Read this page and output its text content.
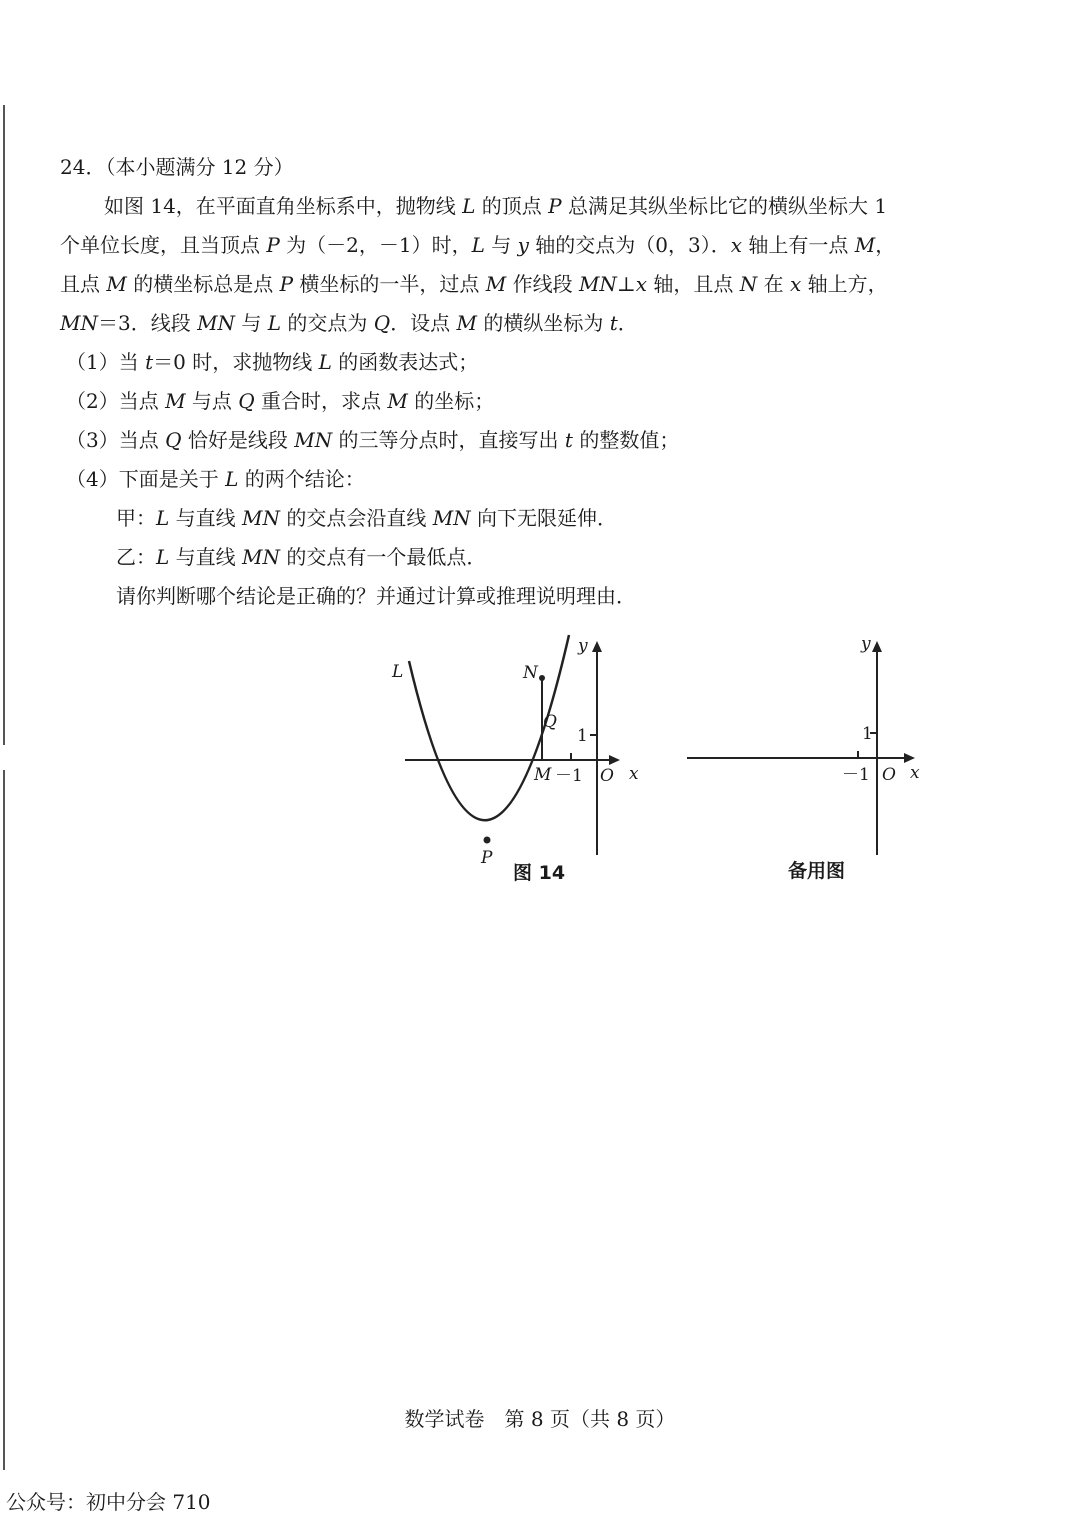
24．（本小题满分 12 分）
如图 14，在平面直角坐标系中，抛物线 L 的顶点 P 总满足其纵坐标比它的横纵坐标大 1
个单位长度，且当顶点 P 为（－2，－1）时，L 与 y 轴的交点为（0，3）．x 轴上有一点 M，
且点 M 的横坐标总是点 P 横坐标的一半，过点 M 作线段 MN⊥x 轴，且点 N 在 x 轴上方，
MN＝3．线段 MN 与 L 的交点为 Q．设点 M 的横纵坐标为 t．
（1）当 t＝0 时，求抛物线 L 的函数表达式；
（2）当点 M 与点 Q 重合时，求点 M 的坐标；
（3）当点 Q 恰好是线段 MN 的三等分点时，直接写出 t 的整数值；
（4）下面是关于 L 的两个结论：
甲：L 与直线 MN 的交点会沿直线 MN 向下无限延伸．
乙：L 与直线 MN 的交点有一个最低点．
请你判断哪个结论是正确的？并通过计算或推理说明理由．
L	N
Q
P
M －1 O x
y
1
图 14
－1 O x
y
1
备用图
数学试卷　第 8 页（共 8 页）
公众号：初中分会 710
